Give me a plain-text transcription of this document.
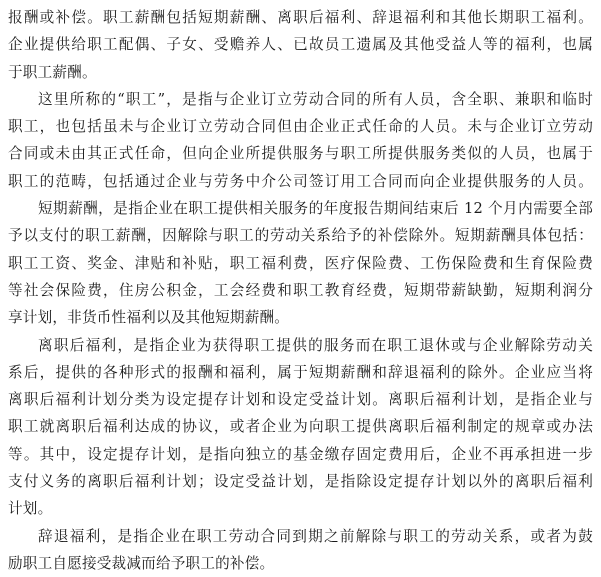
报酬或补偿。职工薪酬包括短期薪酬、离职后福利、辞退福利和其他长期职工福利。
企业提供给职工配偶、子女、受赡养人、已故员工遗属及其他受益人等的福利，也属
于职工薪酬。
这里所称的“职工”，是指与企业订立劳动合同的所有人员，含全职、兼职和临时
职工，也包括虽未与企业订立劳动合同但由企业正式任命的人员。未与企业订立劳动
合同或未由其正式任命，但向企业所提供服务与职工所提供服务类似的人员，也属于
职工的范畴，包括通过企业与劳务中介公司签订用工合同而向企业提供服务的人员。
短期薪酬，是指企业在职工提供相关服务的年度报告期间结束后 12 个月内需要全部
予以支付的职工薪酬，因解除与职工的劳动关系给予的补偿除外。短期薪酬具体包括：
职工工资、奖金、津贴和补贴，职工福利费，医疗保险费、工伤保险费和生育保险费
等社会保险费，住房公积金，工会经费和职工教育经费，短期带薪缺勤，短期利润分
享计划，非货币性福利以及其他短期薪酬。
离职后福利，是指企业为获得职工提供的服务而在职工退休或与企业解除劳动关
系后，提供的各种形式的报酬和福利，属于短期薪酬和辞退福利的除外。企业应当将
离职后福利计划分类为设定提存计划和设定受益计划。离职后福利计划，是指企业与
职工就离职后福利达成的协议，或者企业为向职工提供离职后福利制定的规章或办法
等。其中，设定提存计划，是指向独立的基金缴存固定费用后，企业不再承担进一步
支付义务的离职后福利计划；设定受益计划，是指除设定提存计划以外的离职后福利
计划。
辞退福利，是指企业在职工劳动合同到期之前解除与职工的劳动关系，或者为鼓
励职工自愿接受裁减而给予职工的补偿。
